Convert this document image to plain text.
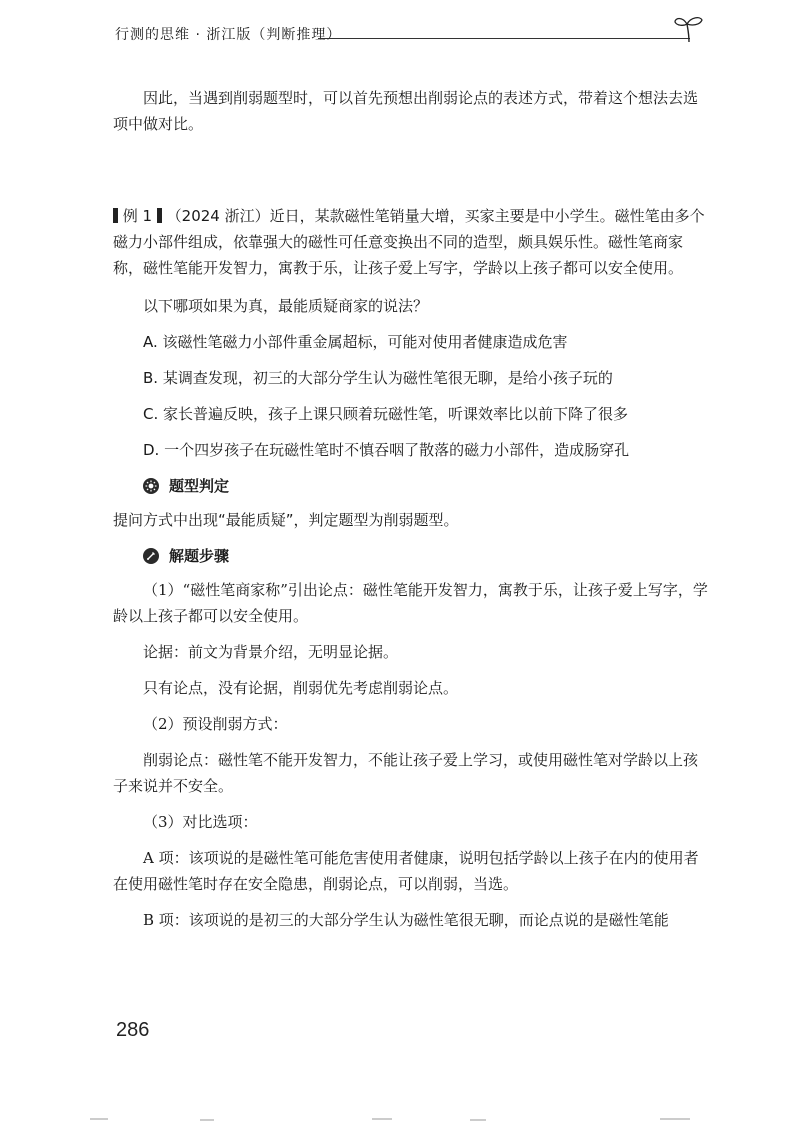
行测的思维 · 浙江版（判断推理）

因此，当遇到削弱题型时，可以首先预想出削弱论点的表述方式，带着这个想法去选项中做对比。

例 1 （2024 浙江）近日，某款磁性笔销量大增，买家主要是中小学生。磁性笔由多个磁力小部件组成，依靠强大的磁性可任意变换出不同的造型，颇具娱乐性。磁性笔商家称，磁性笔能开发智力，寓教于乐，让孩子爱上写字，学龄以上孩子都可以安全使用。

以下哪项如果为真，最能质疑商家的说法？

A. 该磁性笔磁力小部件重金属超标，可能对使用者健康造成危害

B. 某调查发现，初三的大部分学生认为磁性笔很无聊，是给小孩子玩的

C. 家长普遍反映，孩子上课只顾着玩磁性笔，听课效率比以前下降了很多

D. 一个四岁孩子在玩磁性笔时不慎吞咽了散落的磁力小部件，造成肠穿孔

题型判定

提问方式中出现“最能质疑”，判定题型为削弱题型。

解题步骤

（1）“磁性笔商家称”引出论点：磁性笔能开发智力，寓教于乐，让孩子爱上写字，学龄以上孩子都可以安全使用。

论据：前文为背景介绍，无明显论据。

只有论点，没有论据，削弱优先考虑削弱论点。

（2）预设削弱方式：

削弱论点：磁性笔不能开发智力，不能让孩子爱上学习，或使用磁性笔对学龄以上孩子来说并不安全。

（3）对比选项：

A 项：该项说的是磁性笔可能危害使用者健康，说明包括学龄以上孩子在内的使用者在使用磁性笔时存在安全隐患，削弱论点，可以削弱，当选。

B 项：该项说的是初三的大部分学生认为磁性笔很无聊，而论点说的是磁性笔能

286
